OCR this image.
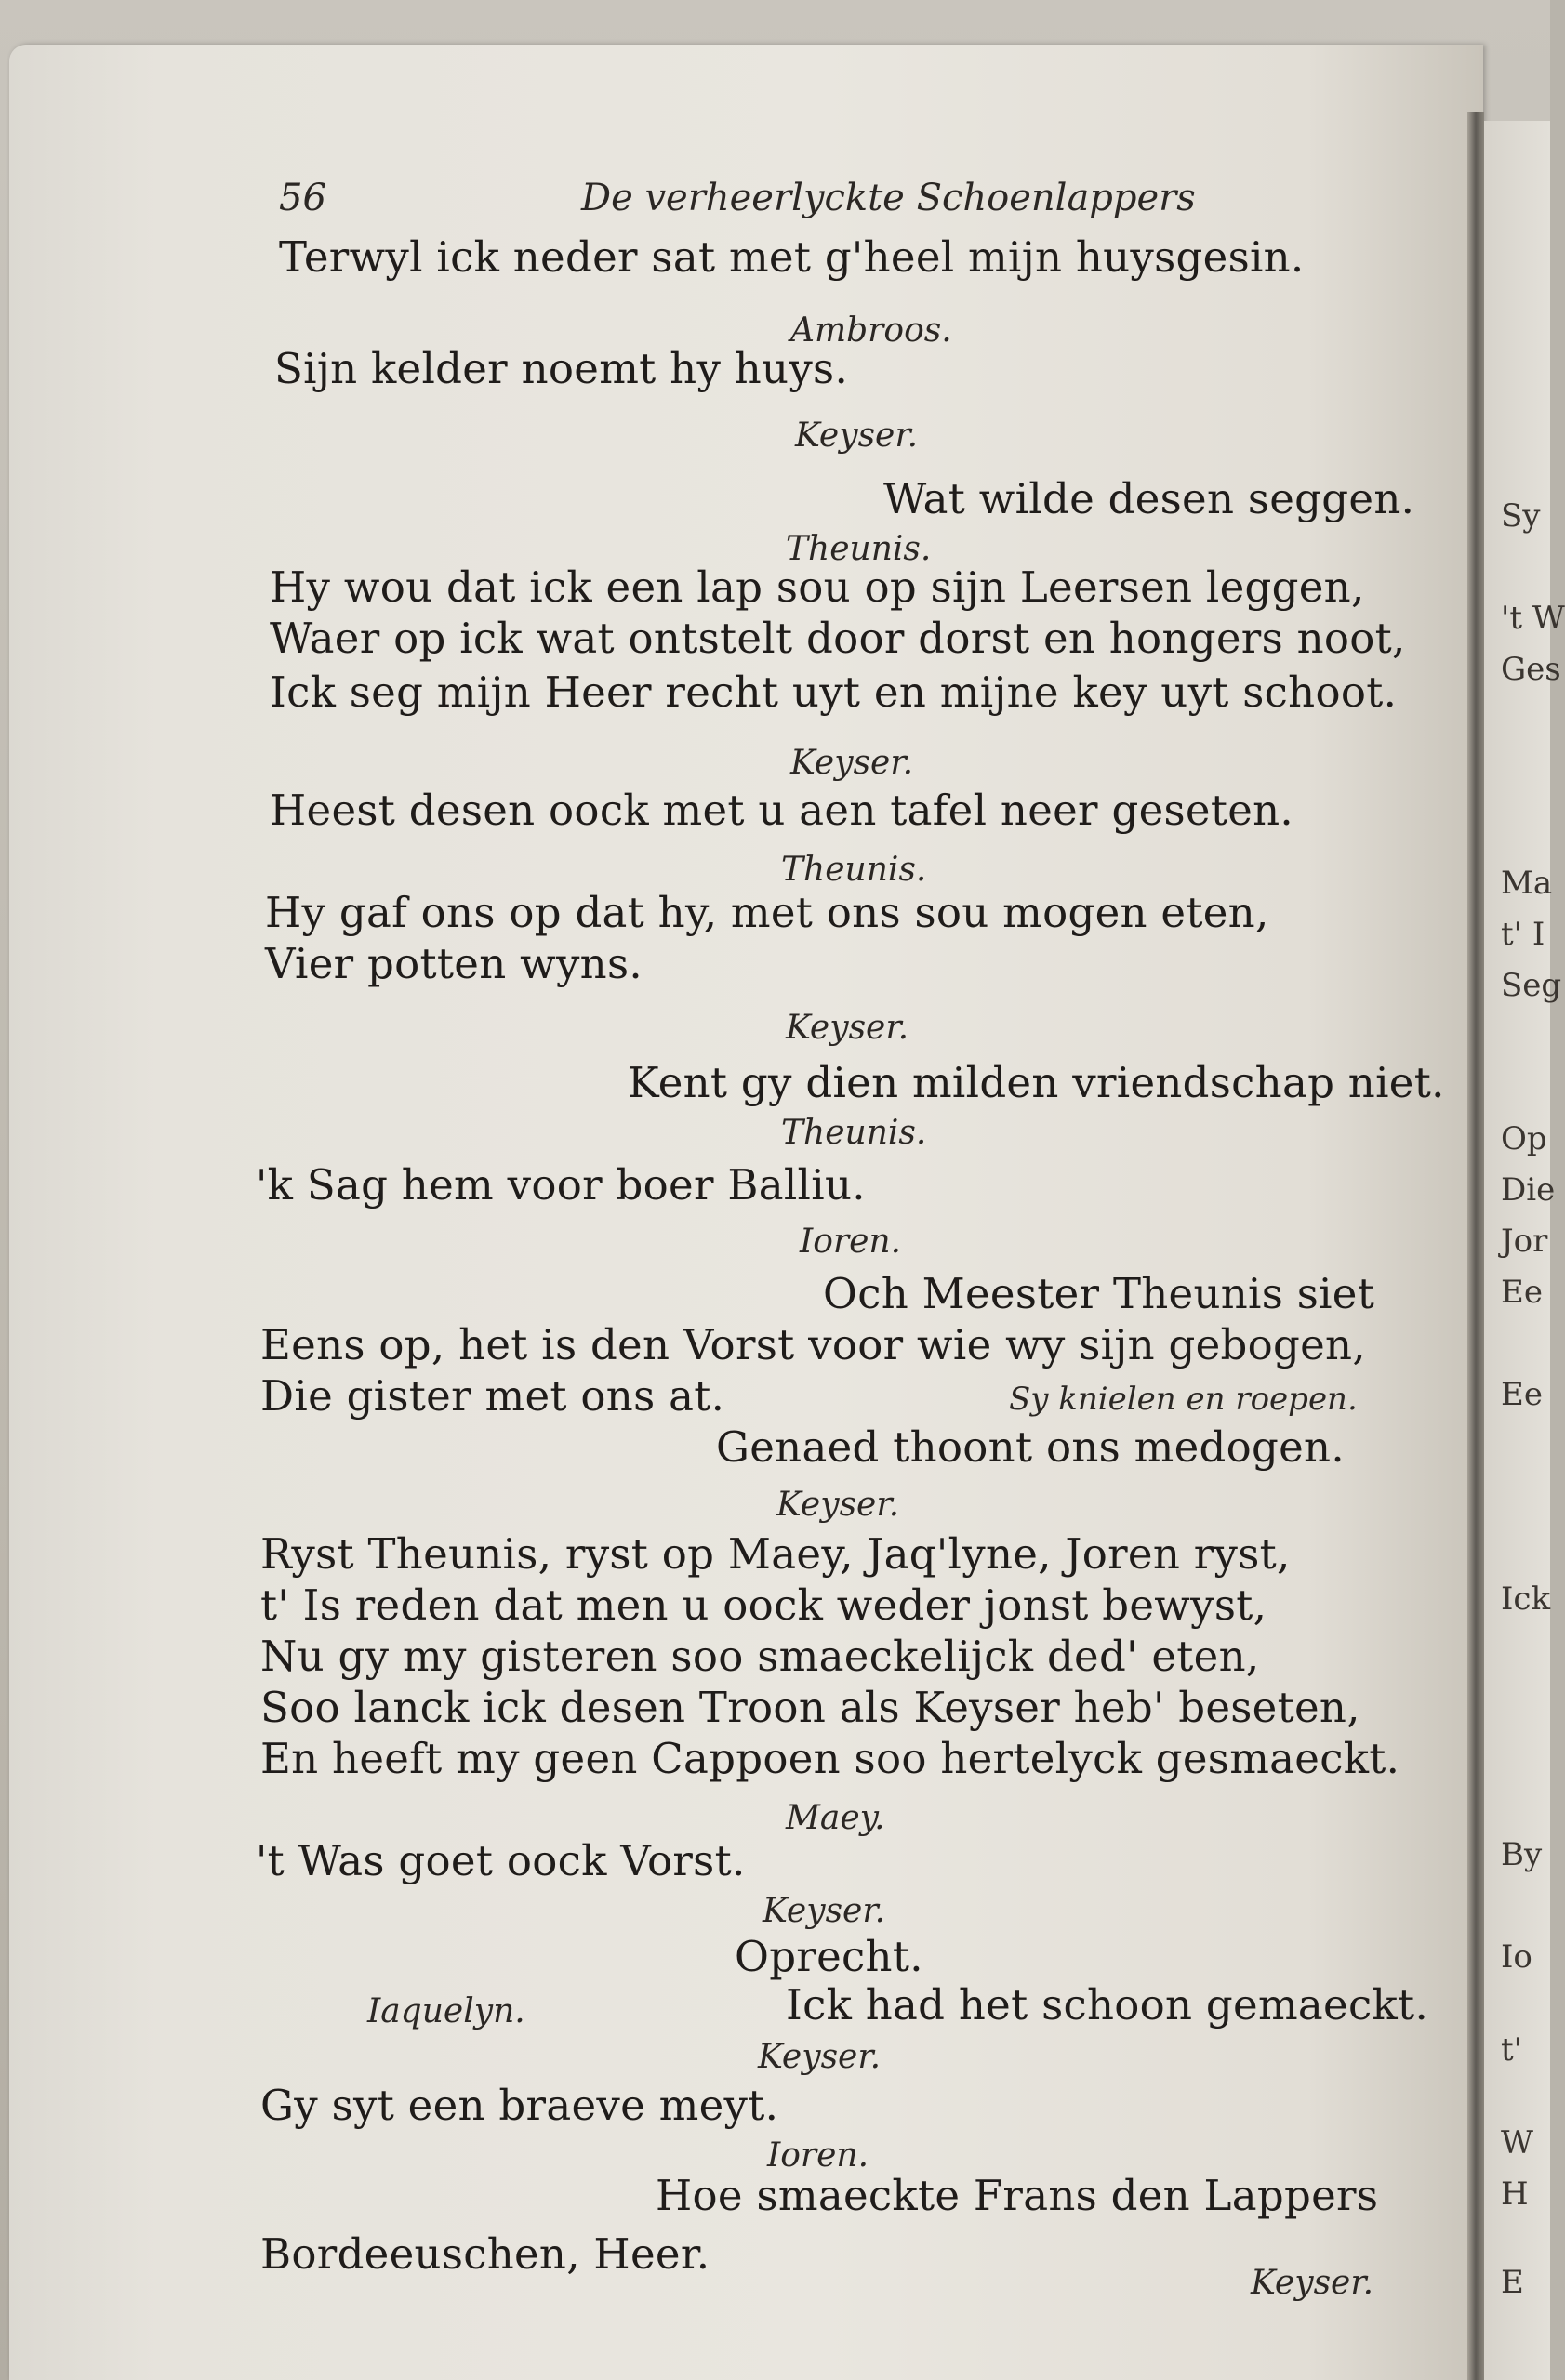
Sy
't W
Ges
Ma
t' I
Seg
Op
Die
Jor
Ee
Ee
Ick
By
Io
t'
W
H
E
56	De verheerlyckte Schoenlappers
Terwyl ick neder sat met g'heel mijn huysgesin.
Ambroos.
Sijn kelder noemt hy huys.
Keyser.
Wat wilde desen seggen.
Theunis.
Hy wou dat ick een lap sou op sijn Leersen leggen,
Waer op ick wat ontstelt door dorst en hongers noot,
Ick seg mijn Heer recht uyt en mijne key uyt schoot.
Keyser.
Heest desen oock met u aen tafel neer geseten.
Theunis.
Hy gaf ons op dat hy, met ons sou mogen eten,
Vier potten wyns.
Keyser.
Kent gy dien milden vriendschap niet.
Theunis.
'k Sag hem voor boer Balliu.
Ioren.
Och Meester Theunis siet
Eens op, het is den Vorst voor wie wy sijn gebogen,
Die gister met ons at.	Sy knielen en roepen.
Genaed thoont ons medogen.
Keyser.
Ryst Theunis, ryst op Maey, Jaq'lyne, Joren ryst,
t' Is reden dat men u oock weder jonst bewyst,
Nu gy my gisteren soo smaeckelijck ded' eten,
Soo lanck ick desen Troon als Keyser heb' beseten,
En heeft my geen Cappoen soo hertelyck gesmaeckt.
Maey.
't Was goet oock Vorst.
Keyser.
Oprecht.
Iaquelyn.	Ick had het schoon gemaeckt.
Keyser.
Gy syt een braeve meyt.
Ioren.
Hoe smaeckte Frans den Lappers
Bordeeuschen, Heer.
Keyser.
